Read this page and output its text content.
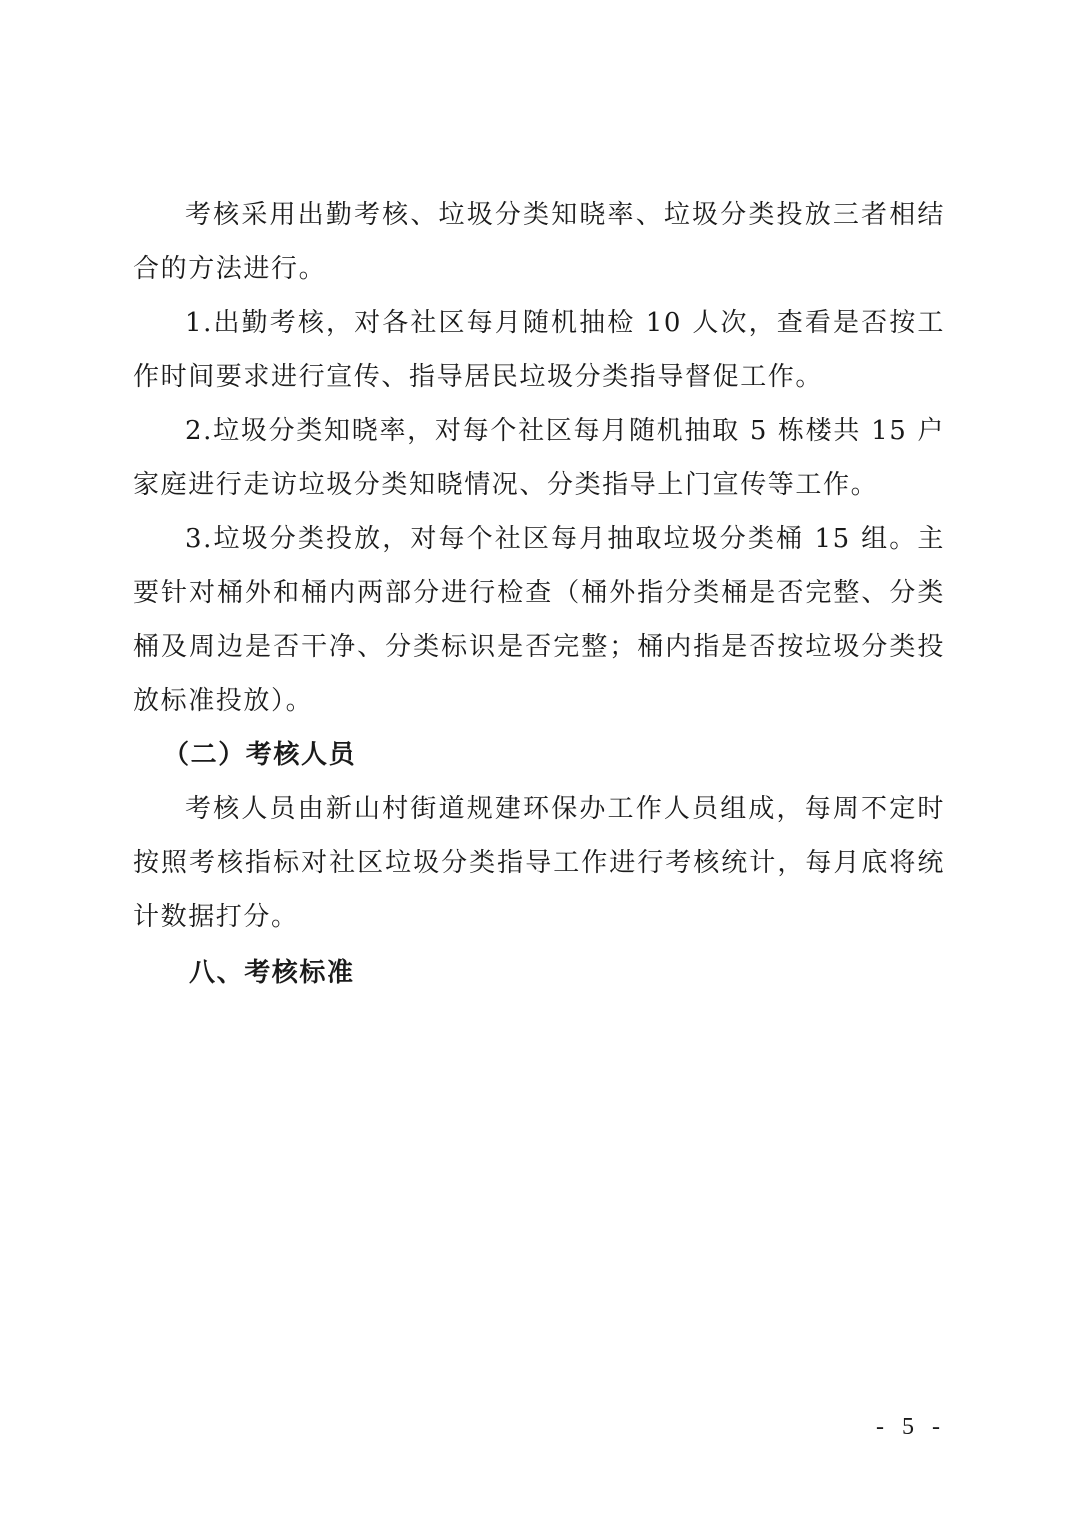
考核采用出勤考核、垃圾分类知晓率、垃圾分类投放三者相结合的方法进行。

1.出勤考核，对各社区每月随机抽检 10 人次，查看是否按工作时间要求进行宣传、指导居民垃圾分类指导督促工作。

2.垃圾分类知晓率，对每个社区每月随机抽取 5 栋楼共 15 户家庭进行走访垃圾分类知晓情况、分类指导上门宣传等工作。

3.垃圾分类投放，对每个社区每月抽取垃圾分类桶 15 组。主要针对桶外和桶内两部分进行检查（桶外指分类桶是否完整、分类桶及周边是否干净、分类标识是否完整；桶内指是否按垃圾分类投放标准投放）。

（二）考核人员

考核人员由新山村街道规建环保办工作人员组成，每周不定时按照考核指标对社区垃圾分类指导工作进行考核统计，每月底将统计数据打分。

八、考核标准

- 5 -
